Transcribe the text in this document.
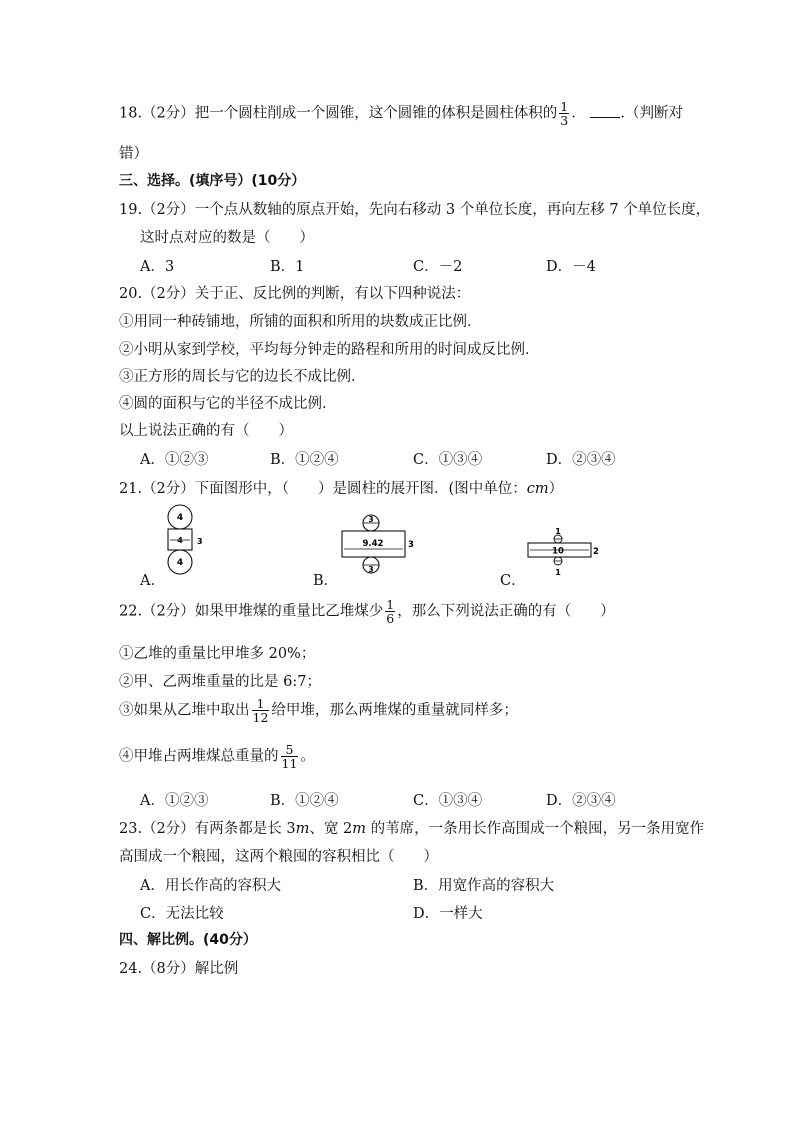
18.（2分）把一个圆柱削成一个圆锥，这个圆锥的体积是圆柱体积的 $\frac{1}{3}$ ． .（判断对
错）
三、选择。(填序号）(10分）
19.（2分）一个点从数轴的原点开始，先向右移动 3 个单位长度，再向左移 7 个单位长度，
这时点对应的数是（　　）
A．3	B．1	C．－2	D．－4
20.（2分）关于正、反比例的判断，有以下四种说法：
①用同一种砖铺地，所铺的面积和所用的块数成正比例．
②小明从家到学校，平均每分钟走的路程和所用的时间成反比例．
③正方形的周长与它的边长不成比例．
④圆的面积与它的半径不成比例．
以上说法正确的有（　　）
A．①②③	B．①②④	C．①③④	D．②③④
21.（2分）下面图形中，（　　）是圆柱的展开图．(图中单位：cm）
4
4 3
4
A．
3
9.42	3
3
B．
1
10	2
1
C．
22.（2分）如果甲堆煤的重量比乙堆煤少 $\frac{1}{6}$ ，那么下列说法正确的有（　　）
①乙堆的重量比甲堆多 20%；
②甲、乙两堆重量的比是 6:7；
③如果从乙堆中取出 $\frac{1}{12}$ 给甲堆，那么两堆煤的重量就同样多；
④甲堆占两堆煤总重量的 $\frac{5}{11}$ 。
A．①②③	B．①②④	C．①③④	D．②③④
23.（2分）有两条都是长 3m、宽 2m 的苇席，一条用长作高围成一个粮囤，另一条用宽作
高围成一个粮囤，这两个粮囤的容积相比（　　）
A．用长作高的容积大	B．用宽作高的容积大
C．无法比较	D．一样大
四、解比例。(40分）
24.（8分）解比例
